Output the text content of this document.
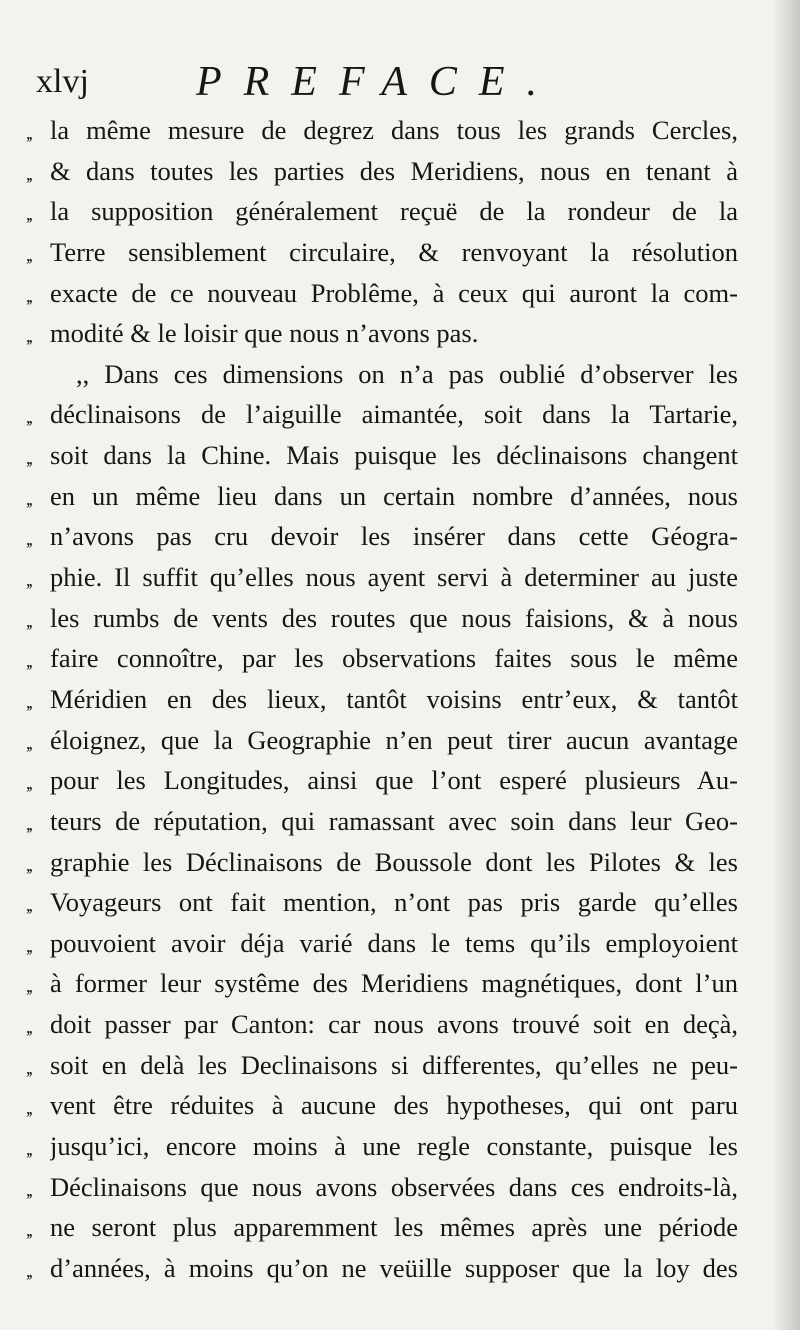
xlvj	PREFACE.
,, la même mesure de degrez dans tous les grands Cercles,
,, & dans toutes les parties des Meridiens, nous en tenant à
,, la supposition généralement reçuë de la rondeur de la
,, Terre sensiblement circulaire, & renvoyant la résolution
,, exacte de ce nouveau Problême, à ceux qui auront la com-
,, modité & le loisir que nous n’avons pas.
,, Dans ces dimensions on n’a pas oublié d’observer les
,, déclinaisons de l’aiguille aimantée, soit dans la Tartarie,
,, soit dans la Chine. Mais puisque les déclinaisons changent
,, en un même lieu dans un certain nombre d’années, nous
,, n’avons pas cru devoir les insérer dans cette Géogra-
,, phie. Il suffit qu’elles nous ayent servi à determiner au juste
,, les rumbs de vents des routes que nous faisions, & à nous
,, faire connoître, par les observations faites sous le même
,, Méridien en des lieux, tantôt voisins entr’eux, & tantôt
,, éloignez, que la Geographie n’en peut tirer aucun avantage
,, pour les Longitudes, ainsi que l’ont esperé plusieurs Au-
,, teurs de réputation, qui ramassant avec soin dans leur Geo-
,, graphie les Déclinaisons de Boussole dont les Pilotes & les
,, Voyageurs ont fait mention, n’ont pas pris garde qu’elles
,, pouvoient avoir déja varié dans le tems qu’ils employoient
,, à former leur systême des Meridiens magnétiques, dont l’un
,, doit passer par Canton: car nous avons trouvé soit en deçà,
,, soit en delà les Declinaisons si differentes, qu’elles ne peu-
,, vent être réduites à aucune des hypotheses, qui ont paru
,, jusqu’ici, encore moins à une regle constante, puisque les
,, Déclinaisons que nous avons observées dans ces endroits-là,
,, ne seront plus apparemment les mêmes après une période
,, d’années, à moins qu’on ne veüille supposer que la loy des
